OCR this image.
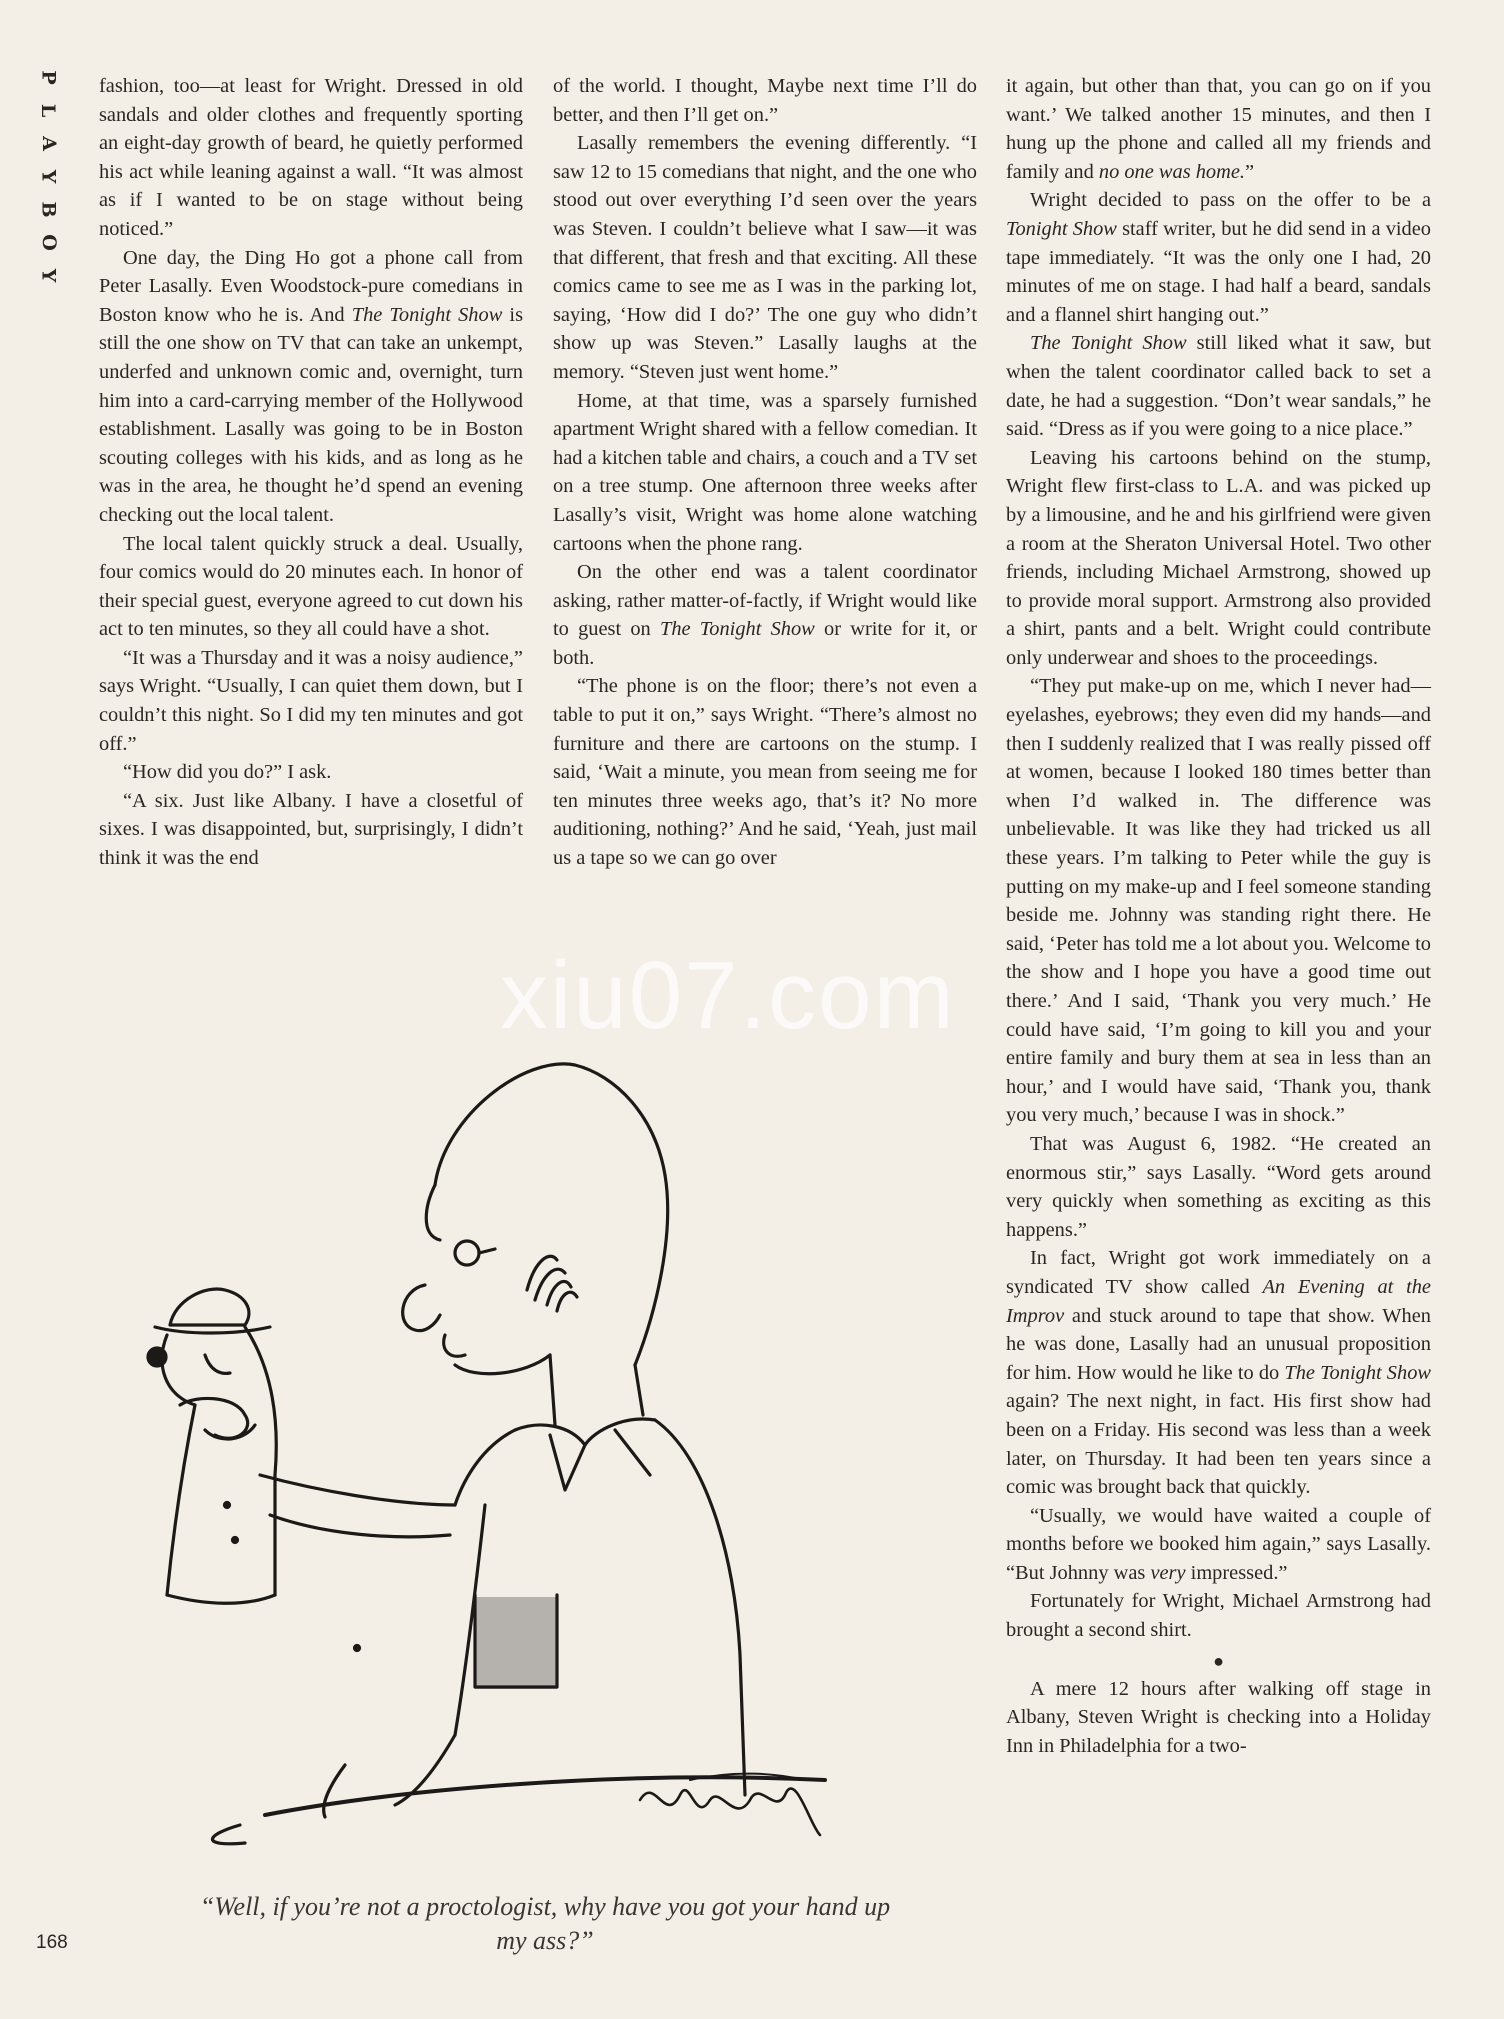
P
L
A
Y
B
O
Y

fashion, too—at least for Wright. Dressed in old sandals and older clothes and frequently sporting an eight-day growth of beard, he quietly performed his act while leaning against a wall. “It was almost as if I wanted to be on stage without being noticed.”

One day, the Ding Ho got a phone call from Peter Lasally. Even Woodstock-pure comedians in Boston know who he is. And The Tonight Show is still the one show on TV that can take an unkempt, underfed and unknown comic and, overnight, turn him into a card-carrying member of the Hollywood establishment. Lasally was going to be in Boston scouting colleges with his kids, and as long as he was in the area, he thought he’d spend an evening checking out the local talent.

The local talent quickly struck a deal. Usually, four comics would do 20 minutes each. In honor of their special guest, everyone agreed to cut down his act to ten minutes, so they all could have a shot.

“It was a Thursday and it was a noisy audience,” says Wright. “Usually, I can quiet them down, but I couldn’t this night. So I did my ten minutes and got off.”

“How did you do?” I ask.

“A six. Just like Albany. I have a closetful of sixes. I was disappointed, but, surprisingly, I didn’t think it was the end

of the world. I thought, Maybe next time I’ll do better, and then I’ll get on.”

Lasally remembers the evening differently. “I saw 12 to 15 comedians that night, and the one who stood out over everything I’d seen over the years was Steven. I couldn’t believe what I saw—it was that different, that fresh and that exciting. All these comics came to see me as I was in the parking lot, saying, ‘How did I do?’ The one guy who didn’t show up was Steven.” Lasally laughs at the memory. “Steven just went home.”

Home, at that time, was a sparsely furnished apartment Wright shared with a fellow comedian. It had a kitchen table and chairs, a couch and a TV set on a tree stump. One afternoon three weeks after Lasally’s visit, Wright was home alone watching cartoons when the phone rang.

On the other end was a talent coordinator asking, rather matter-of-factly, if Wright would like to guest on The Tonight Show or write for it, or both.

“The phone is on the floor; there’s not even a table to put it on,” says Wright. “There’s almost no furniture and there are cartoons on the stump. I said, ‘Wait a minute, you mean from seeing me for ten minutes three weeks ago, that’s it? No more auditioning, nothing?’ And he said, ‘Yeah, just mail us a tape so we can go over

it again, but other than that, you can go on if you want.’ We talked another 15 minutes, and then I hung up the phone and called all my friends and family and no one was home.”

Wright decided to pass on the offer to be a Tonight Show staff writer, but he did send in a video tape immediately. “It was the only one I had, 20 minutes of me on stage. I had half a beard, sandals and a flannel shirt hanging out.”

The Tonight Show still liked what it saw, but when the talent coordinator called back to set a date, he had a suggestion. “Don’t wear sandals,” he said. “Dress as if you were going to a nice place.”

Leaving his cartoons behind on the stump, Wright flew first-class to L.A. and was picked up by a limousine, and he and his girlfriend were given a room at the Sheraton Universal Hotel. Two other friends, including Michael Armstrong, showed up to provide moral support. Armstrong also provided a shirt, pants and a belt. Wright could contribute only underwear and shoes to the proceedings.

“They put make-up on me, which I never had—eyelashes, eyebrows; they even did my hands—and then I suddenly realized that I was really pissed off at women, because I looked 180 times better than when I’d walked in. The difference was unbelievable. It was like they had tricked us all these years. I’m talking to Peter while the guy is putting on my make-up and I feel someone standing beside me. Johnny was standing right there. He said, ‘Peter has told me a lot about you. Welcome to the show and I hope you have a good time out there.’ And I said, ‘Thank you very much.’ He could have said, ‘I’m going to kill you and your entire family and bury them at sea in less than an hour,’ and I would have said, ‘Thank you, thank you very much,’ because I was in shock.”

That was August 6, 1982. “He created an enormous stir,” says Lasally. “Word gets around very quickly when something as exciting as this happens.”

In fact, Wright got work immediately on a syndicated TV show called An Evening at the Improv and stuck around to tape that show. When he was done, Lasally had an unusual proposition for him. How would he like to do The Tonight Show again? The next night, in fact. His first show had been on a Friday. His second was less than a week later, on Thursday. It had been ten years since a comic was brought back that quickly.

“Usually, we would have waited a couple of months before we booked him again,” says Lasally. “But Johnny was very impressed.”

Fortunately for Wright, Michael Armstrong had brought a second shirt.

●

A mere 12 hours after walking off stage in Albany, Steven Wright is checking into a Holiday Inn in Philadelphia for a two-

Vahl Luffs
“Well, if you’re not a proctologist, why have you got your hand up my ass?”
168
xiu07.com
